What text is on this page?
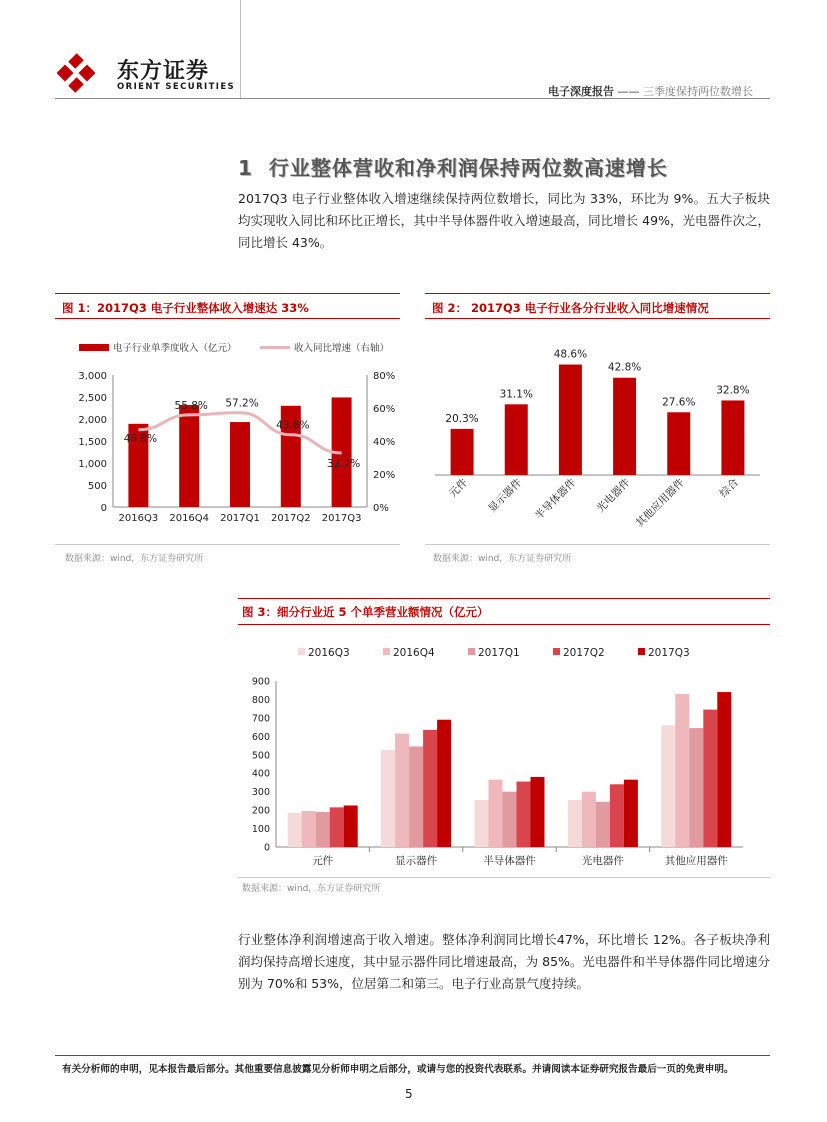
东方证券
ORIENT SECURITIES	电子深度报告 —— 三季度保持两位数增长
1 行业整体营收和净利润保持两位数高速增长
2017Q3 电子行业整体收入增速继续保持两位数增长，同比为 33%，环比为 9%。五大子板块均实现收入同比和环比正增长，其中半导体器件收入增速最高，同比增长 49%，光电器件次之，同比增长 43%。
图 1：2017Q3 电子行业整体收入增速达 33%
电子行业单季度收入（亿元）	收入同比增速（右轴）
3,000
2,500
2,000
1,500
1,000
500
0
80%
60%
40%
20%
0%
2016Q3 2016Q4 2017Q1 2017Q2 2017Q3
46.8%
55.8% 57.2%
43.8%
32.7%
数据来源：wind，东方证券研究所
图 2： 2017Q3 电子行业各分行业收入同比增速情况
20.3%
元件
31.1%
显示器件
48.6%
半导体器件
42.8%
光电器件
27.6%
其他应用器件
32.8%
综合
数据来源：wind，东方证券研究所
图 3：细分行业近 5 个单季营业额情况（亿元）
2016Q3	2016Q4	2017Q1	2017Q2	2017Q3
900
800
700
600
500
400
300
200
100
0
元件	显示器件	半导体器件	光电器件	其他应用器件
数据来源：wind，东方证券研究所
行业整体净利润增速高于收入增速。整体净利润同比增长47%，环比增长 12%。各子板块净利润均保持高增长速度，其中显示器件同比增速最高，为 85%。光电器件和半导体器件同比增速分别为 70%和 53%，位居第二和第三。电子行业高景气度持续。
有关分析师的申明，见本报告最后部分。其他重要信息披露见分析师申明之后部分，或请与您的投资代表联系。并请阅读本证券研究报告最后一页的免责申明。
5
